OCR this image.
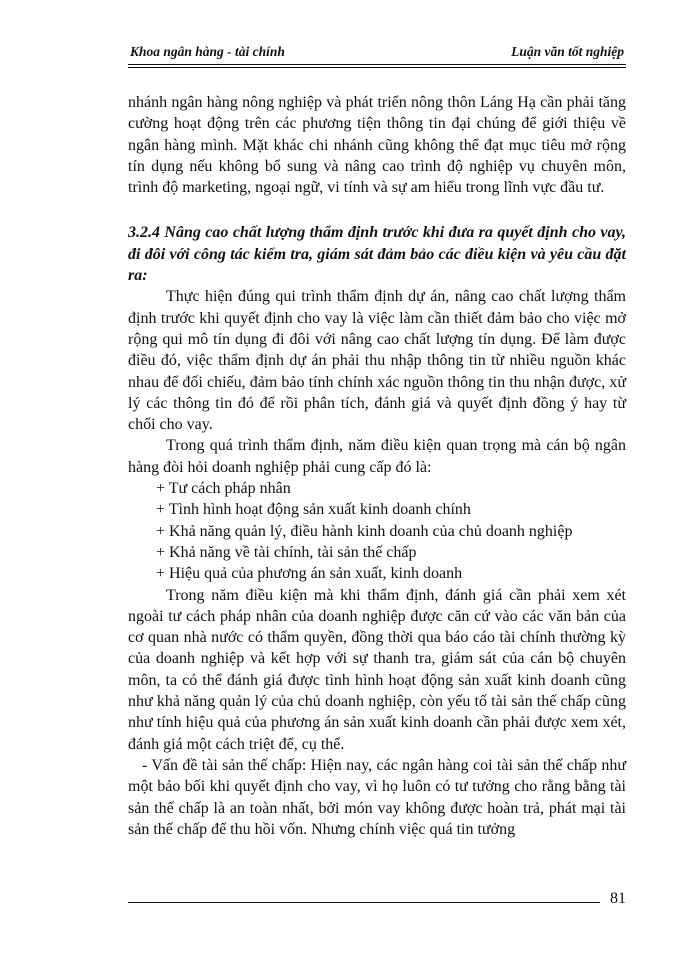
Khoa ngân hàng - tài chính	Luận văn tốt nghiệp

nhánh ngân hàng nông nghiệp và phát triển nông thôn Láng Hạ cần phải tăng cường hoạt động trên các phương tiện thông tin đại chúng để giới thiệu về ngân hàng mình. Mặt khác chi nhánh cũng không thể đạt mục tiêu mở rộng tín dụng nếu không bổ sung và nâng cao trình độ nghiệp vụ chuyên môn, trình độ marketing, ngoại ngữ, vi tính và sự am hiểu trong lĩnh vực đầu tư.

3.2.4 Nâng cao chất lượng thẩm định trước khi đưa ra quyết định cho vay, đi đôi với công tác kiểm tra, giám sát đảm bảo các điều kiện và yêu cầu đặt ra:

Thực hiện đúng qui trình thẩm định dự án, nâng cao chất lượng thẩm định trước khi quyết định cho vay là việc làm cần thiết đảm bảo cho việc mở rộng qui mô tín dụng đi đôi với nâng cao chất lượng tín dụng. Để làm được điều đó, việc thẩm định dự án phải thu nhập thông tin từ nhiều nguồn khác nhau để đối chiếu, đảm bảo tính chính xác nguồn thông tin thu nhận được, xử lý các thông tin đó để rồi phân tích, đánh giá và quyết định đồng ý hay từ chối cho vay.

Trong quá trình thẩm định, năm điều kiện quan trọng mà cán bộ ngân hàng đòi hỏi doanh nghiệp phải cung cấp đó là:

+ Tư cách pháp nhân
+ Tình hình hoạt động sản xuất kinh doanh chính
+ Khả năng quản lý, điều hành kinh doanh của chủ doanh nghiệp
+ Khả năng về tài chính, tài sản thế chấp
+ Hiệu quả của phương án sản xuất, kinh doanh

Trong năm điều kiện mà khi thẩm định, đánh giá cần phải xem xét ngoài tư cách pháp nhân của doanh nghiệp được căn cứ vào các văn bản của cơ quan nhà nước có thẩm quyền, đồng thời qua báo cáo tài chính thường kỳ của doanh nghiệp và kết hợp với sự thanh tra, giám sát của cán bộ chuyên môn, ta có thể đánh giá được tình hình hoạt động sản xuất kinh doanh cũng như khả năng quản lý của chủ doanh nghiệp, còn yếu tố tài sản thế chấp cũng như tính hiệu quả của phương án sản xuất kinh doanh cần phải được xem xét, đánh giá một cách triệt để, cụ thể.

- Vấn đề tài sản thế chấp: Hiện nay, các ngân hàng coi tài sản thế chấp như một bảo bối khi quyết định cho vay, vì họ luôn có tư tưởng cho rằng bằng tài sản thế chấp là an toàn nhất, bởi món vay không được hoàn trả, phát mại tài sản thế chấp để thu hồi vốn. Nhưng chính việc quá tin tưởng

81
